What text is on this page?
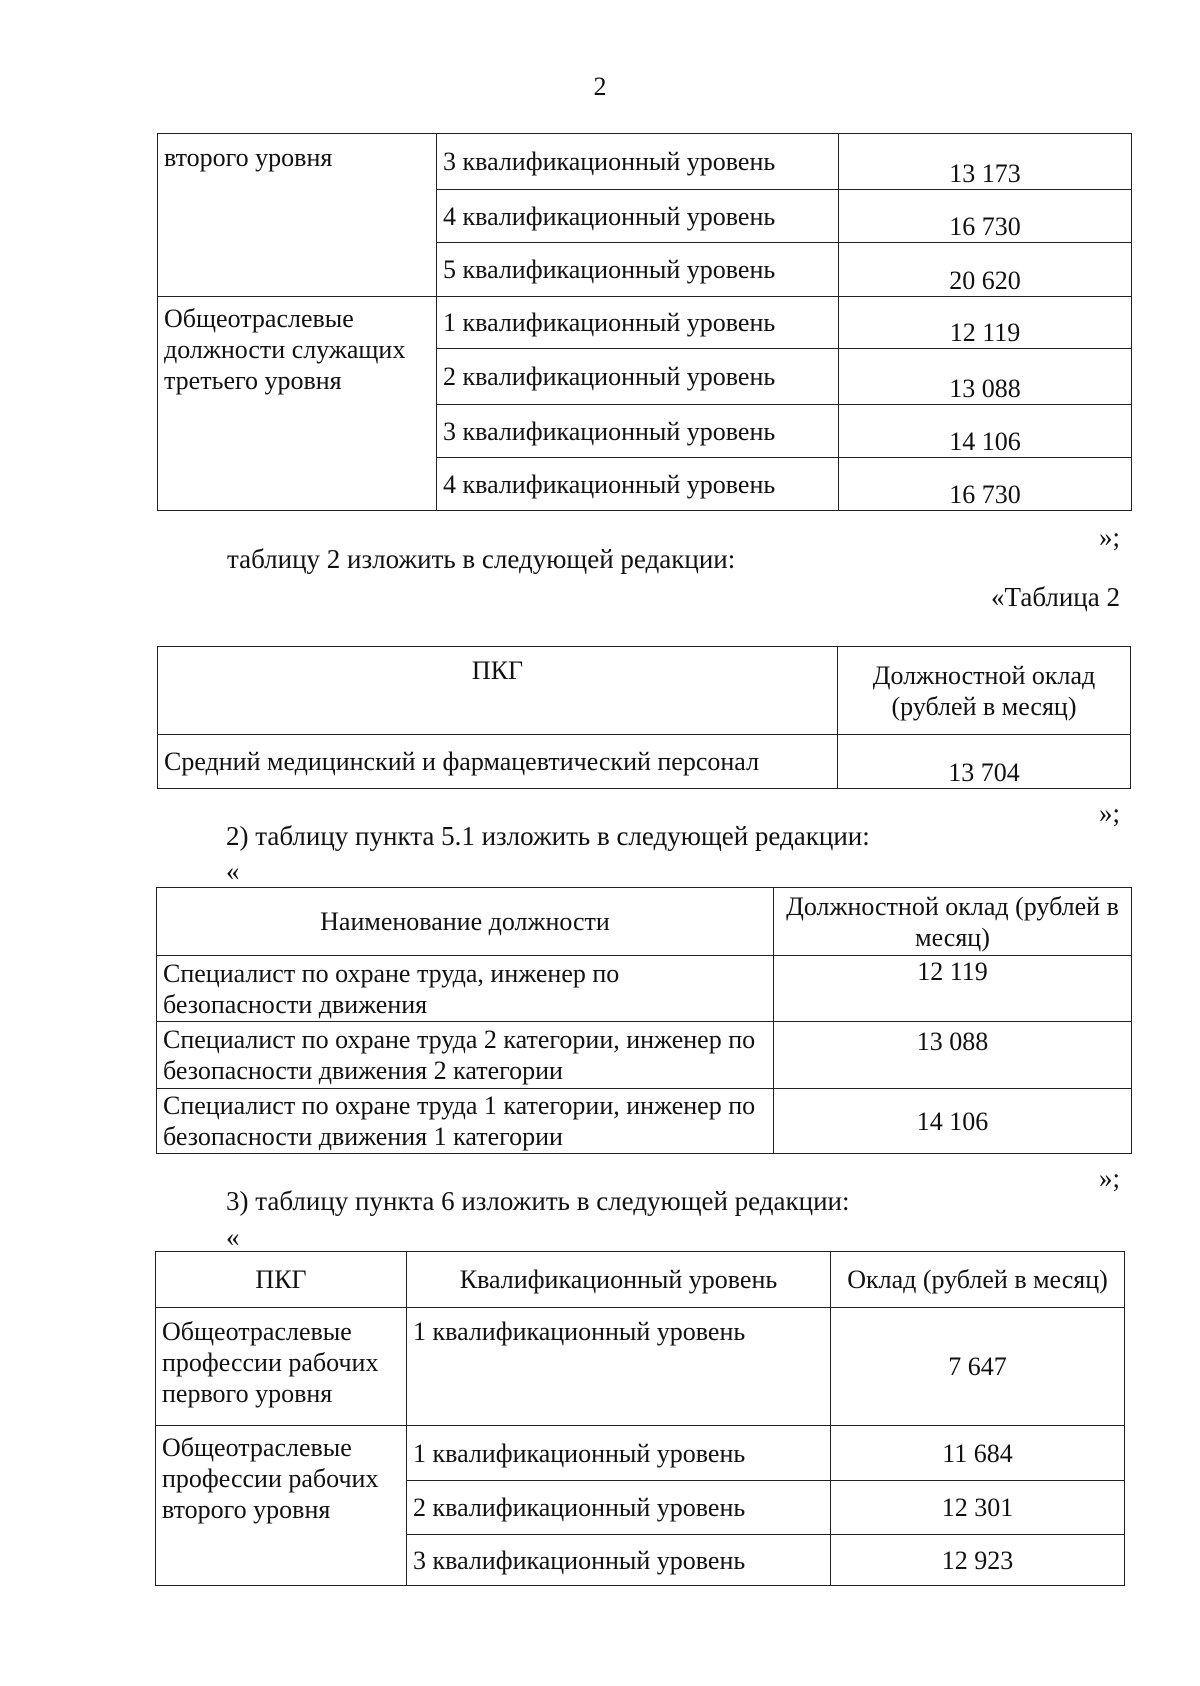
2
второго уровня	3 квалификационный уровень	13 173
	4 квалификационный уровень	16 730
	5 квалификационный уровень	20 620
Общеотраслевые должности служащих третьего уровня	1 квалификационный уровень	12 119
	2 квалификационный уровень	13 088
	3 квалификационный уровень	14 106
	4 квалификационный уровень	16 730
»;
таблицу 2 изложить в следующей редакции:
«Таблица 2
ПКГ	Должностной оклад (рублей в месяц)
Средний медицинский и фармацевтический персонал	13 704
»;
2) таблицу пункта 5.1 изложить в следующей редакции:
«
Наименование должности	Должностной оклад (рублей в месяц)
Специалист по охране труда, инженер по безопасности движения	12 119
Специалист по охране труда 2 категории, инженер по безопасности движения 2 категории	13 088
Специалист по охране труда 1 категории, инженер по безопасности движения 1 категории	14 106
»;
3) таблицу пункта 6 изложить в следующей редакции:
«
ПКГ	Квалификационный уровень	Оклад (рублей в месяц)
Общеотраслевые профессии рабочих первого уровня	1 квалификационный уровень	7 647
Общеотраслевые профессии рабочих второго уровня	1 квалификационный уровень	11 684
	2 квалификационный уровень	12 301
	3 квалификационный уровень	12 923
